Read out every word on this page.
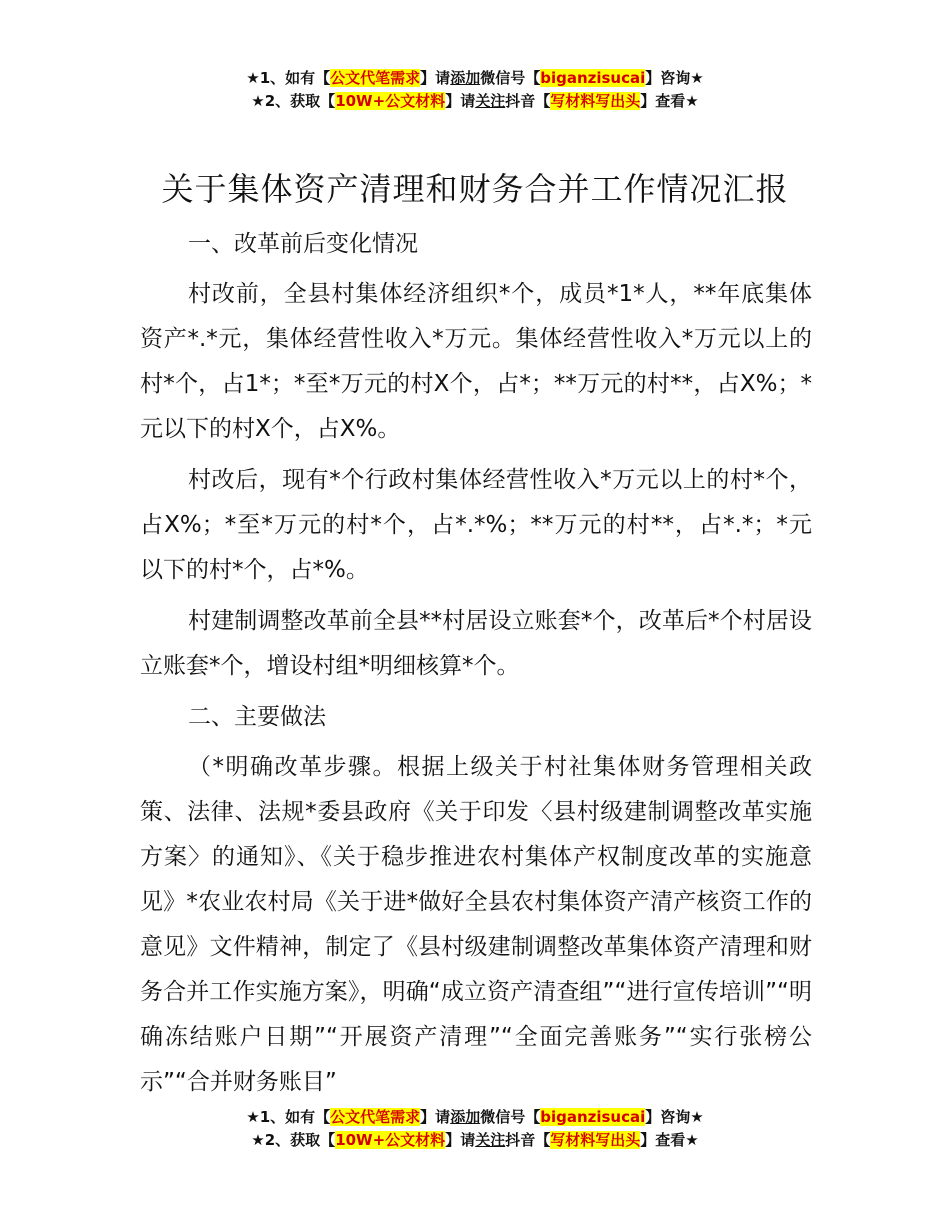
★1、如有【公文代笔需求】请添加微信号【biganzisucai】咨询★
★2、获取【10W+公文材料】请关注抖音【写材料写出头】查看★
关于集体资产清理和财务合并工作情况汇报

一、改革前后变化情况

村改前，全县村集体经济组织*个，成员*1*人，**年底集体资产*.*元，集体经营性收入*万元。集体经营性收入*万元以上的村*个，占1*；*至*万元的村X个，占*；**万元的村**，占X%；*元以下的村X个，占X%。

村改后，现有*个行政村集体经营性收入*万元以上的村*个，占X%；*至*万元的村*个，占*.*%；**万元的村**，占*.*；*元以下的村*个，占*%。

村建制调整改革前全县**村居设立账套*个，改革后*个村居设立账套*个，增设村组*明细核算*个。

二、主要做法

（*明确改革步骤。根据上级关于村社集体财务管理相关政策、法律、法规*委县政府《关于印发〈县村级建制调整改革实施方案〉的通知》、《关于稳步推进农村集体产权制度改革的实施意见》*农业农村局《关于进*做好全县农村集体资产清产核资工作的意见》文件精神，制定了《县村级建制调整改革集体资产清理和财务合并工作实施方案》，明确“成立资产清查组”“进行宣传培训”“明确冻结账户日期”“开展资产清理”“全面完善账务”“实行张榜公示”“合并财务账目”

★1、如有【公文代笔需求】请添加微信号【biganzisucai】咨询★
★2、获取【10W+公文材料】请关注抖音【写材料写出头】查看★
